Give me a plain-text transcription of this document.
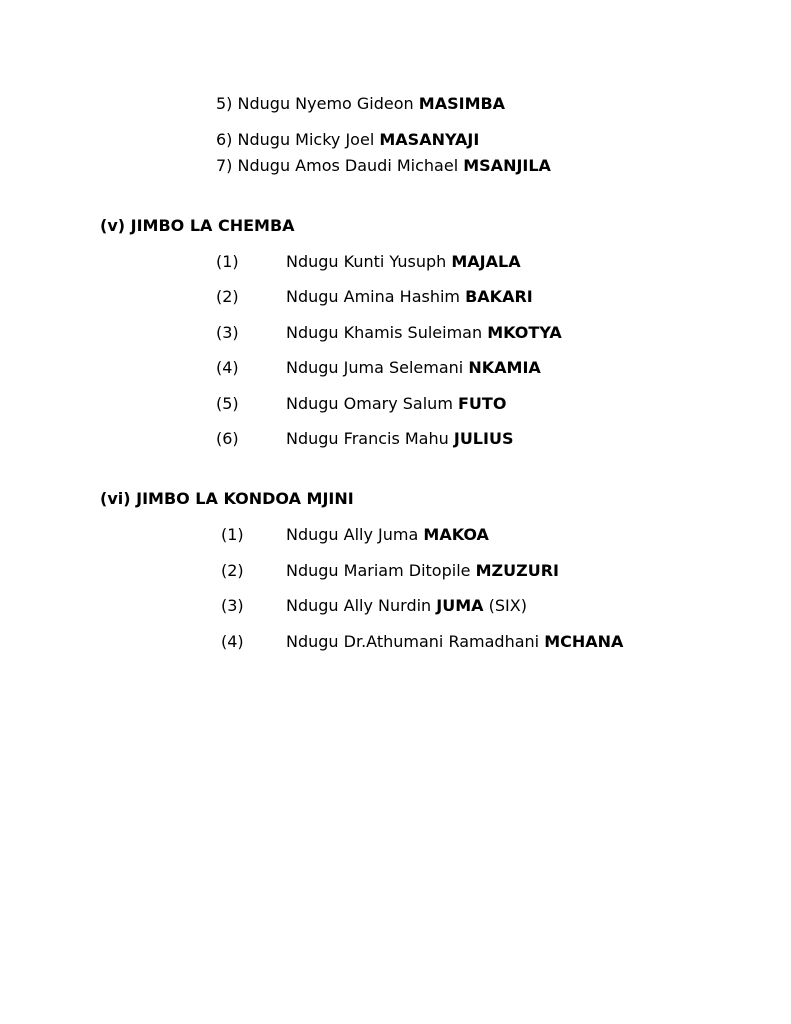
5) Ndugu Nyemo Gideon MASIMBA
6) Ndugu Micky Joel MASANYAJI
7) Ndugu Amos Daudi Michael MSANJILA
(v) JIMBO LA CHEMBA
(1)	Ndugu Kunti Yusuph MAJALA
(2)	Ndugu Amina Hashim BAKARI
(3)	Ndugu Khamis Suleiman MKOTYA
(4)	Ndugu Juma Selemani NKAMIA
(5)	Ndugu Omary Salum FUTO
(6)	Ndugu Francis Mahu JULIUS
(vi) JIMBO LA KONDOA MJINI
(1)	Ndugu Ally Juma MAKOA
(2)	Ndugu Mariam Ditopile MZUZURI
(3)	Ndugu Ally Nurdin JUMA (SIX)
(4)	Ndugu Dr.Athumani Ramadhani MCHANA
